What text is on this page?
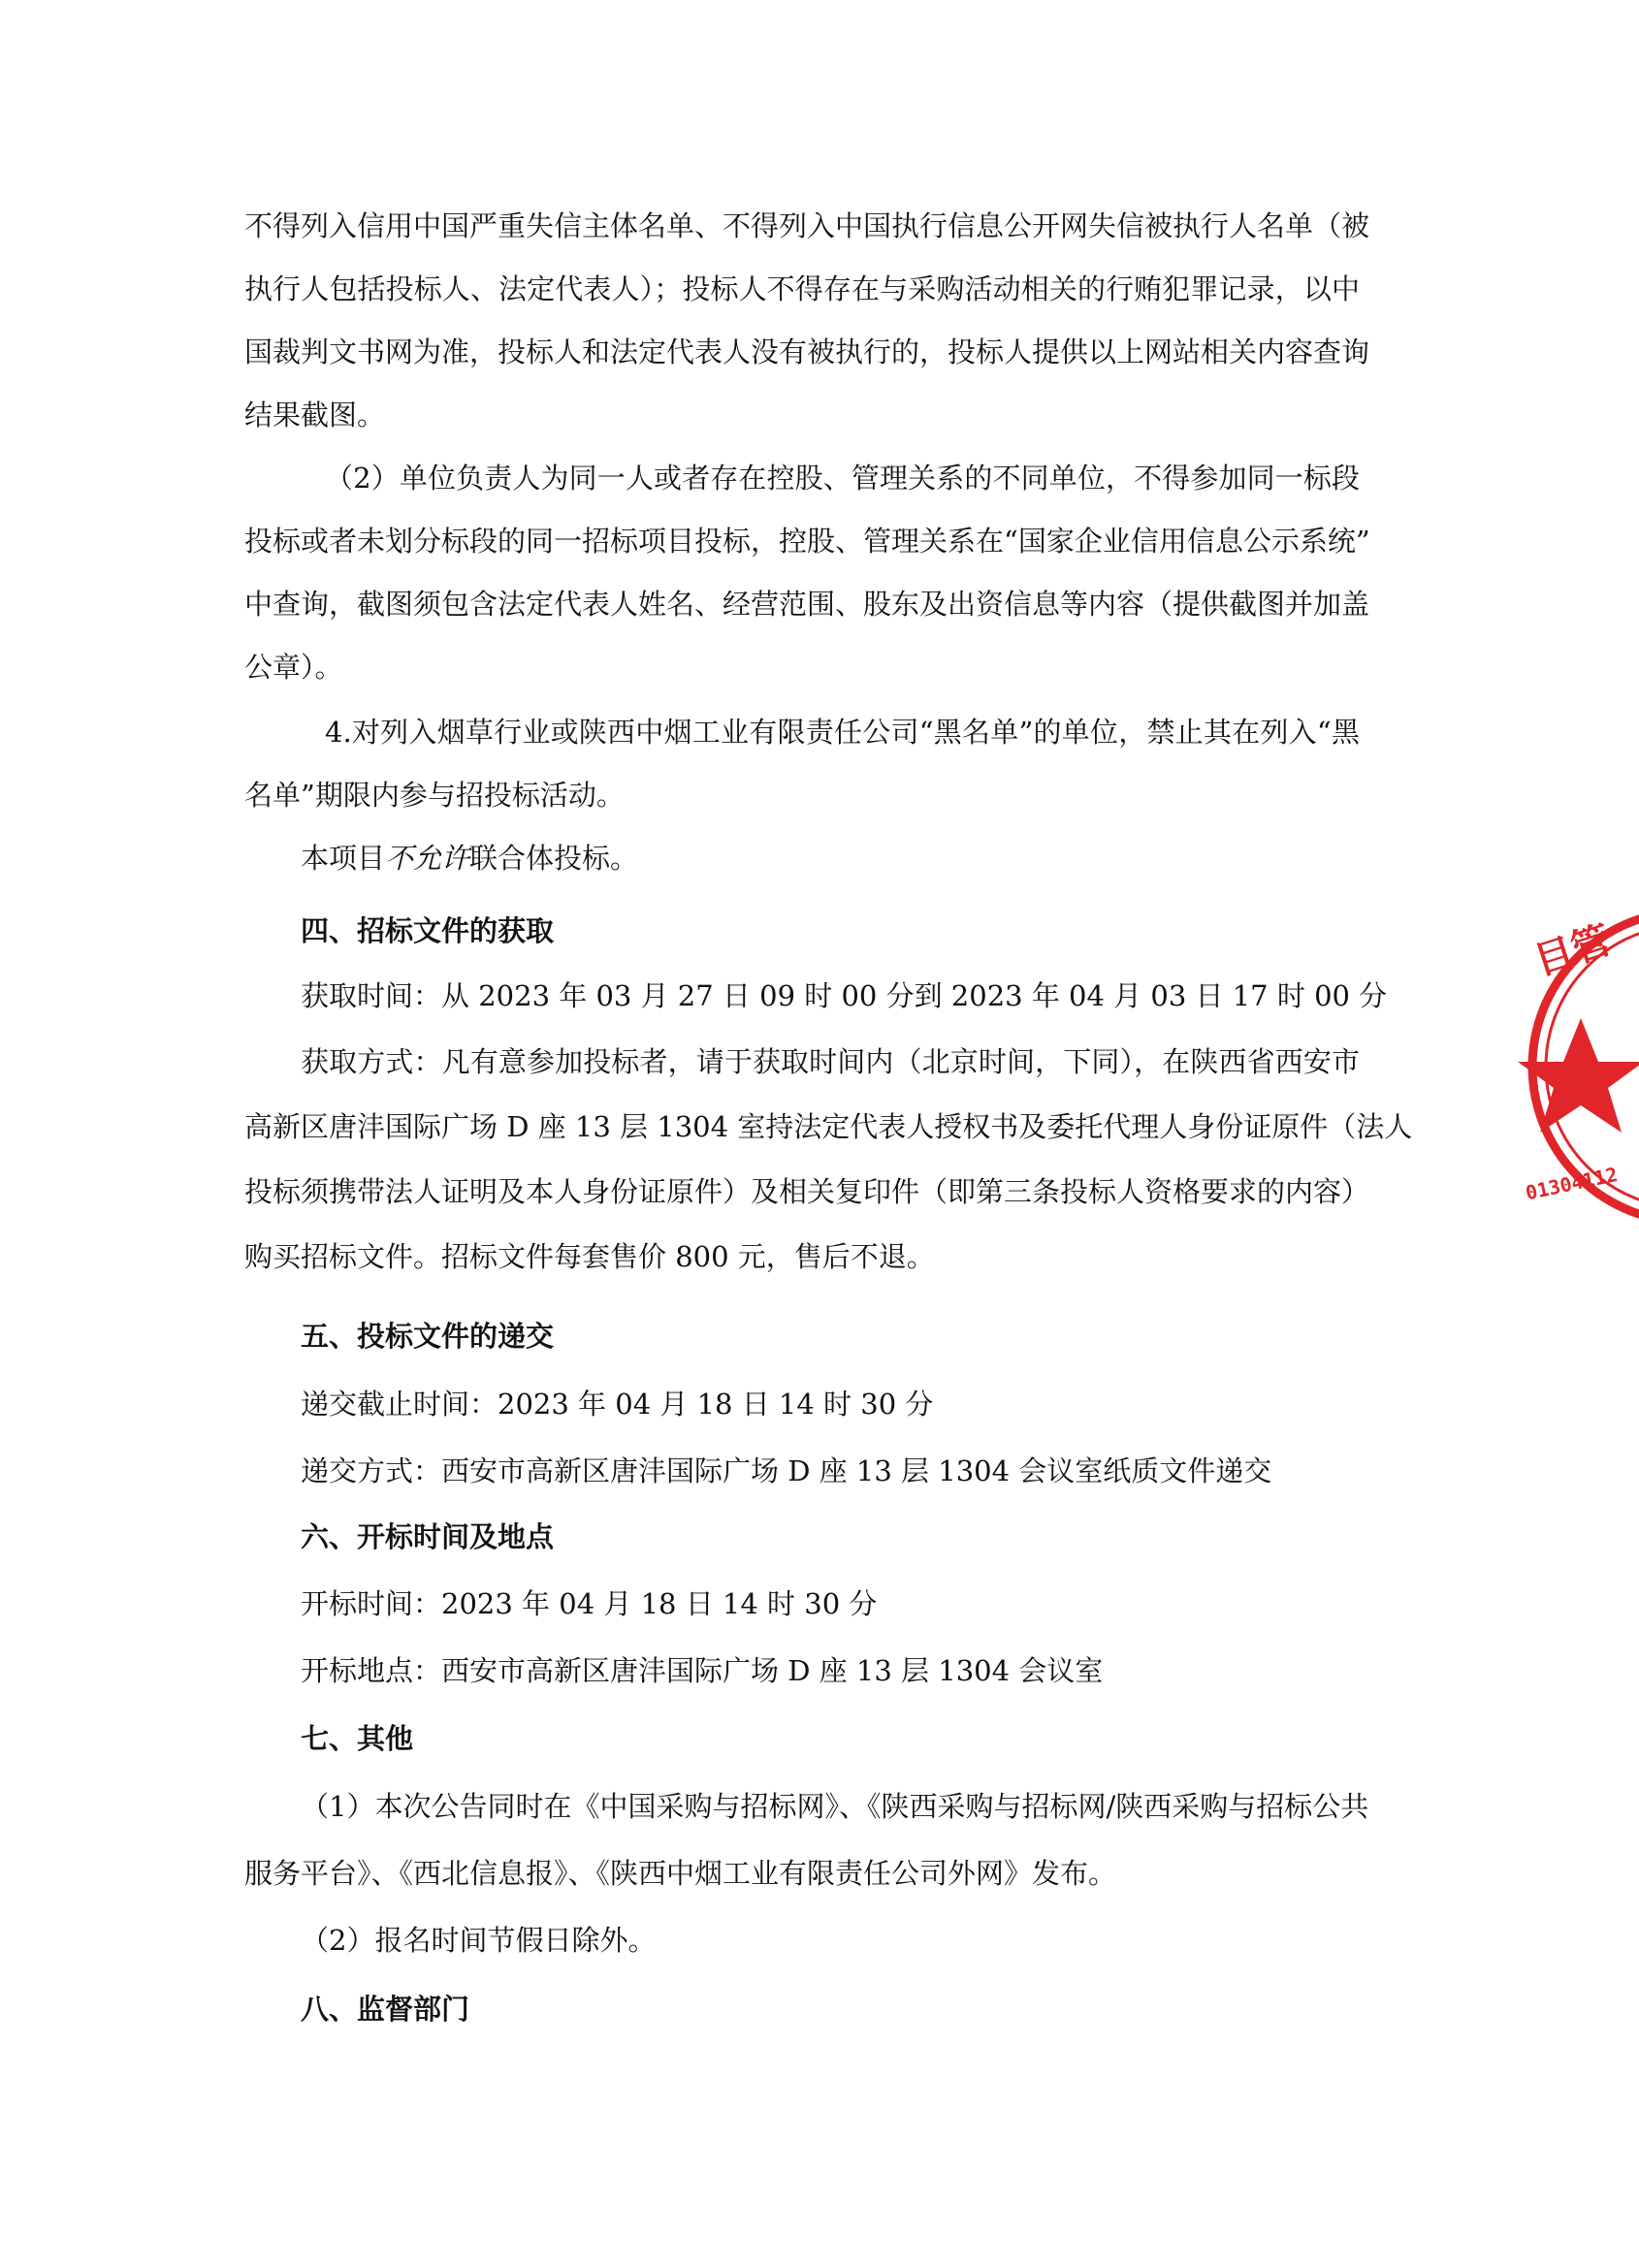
不得列入信用中国严重失信主体名单、不得列入中国执行信息公开网失信被执行人名单（被
执行人包括投标人、法定代表人）；投标人不得存在与采购活动相关的行贿犯罪记录，以中
国裁判文书网为准，投标人和法定代表人没有被执行的，投标人提供以上网站相关内容查询
结果截图。
（2）单位负责人为同一人或者存在控股、管理关系的不同单位，不得参加同一标段
投标或者未划分标段的同一招标项目投标，控股、管理关系在“国家企业信用信息公示系统”
中查询，截图须包含法定代表人姓名、经营范围、股东及出资信息等内容（提供截图并加盖
公章）。
4.对列入烟草行业或陕西中烟工业有限责任公司“黑名单”的单位，禁止其在列入“黑
名单”期限内参与招投标活动。
本项目不允许联合体投标。
四、招标文件的获取
获取时间：从 2023 年 03 月 27 日 09 时 00 分到 2023 年 04 月 03 日 17 时 00 分
获取方式：凡有意参加投标者，请于获取时间内（北京时间，下同），在陕西省西安市
高新区唐沣国际广场 D 座 13 层 1304 室持法定代表人授权书及委托代理人身份证原件（法人
投标须携带法人证明及本人身份证原件）及相关复印件（即第三条投标人资格要求的内容）
购买招标文件。招标文件每套售价 800 元，售后不退。
五、投标文件的递交
递交截止时间：2023 年 04 月 18 日 14 时 30 分
递交方式：西安市高新区唐沣国际广场 D 座 13 层 1304 会议室纸质文件递交
六、开标时间及地点
开标时间：2023 年 04 月 18 日 14 时 30 分
开标地点：西安市高新区唐沣国际广场 D 座 13 层 1304 会议室
七、其他
（1）本次公告同时在《中国采购与招标网》、《陕西采购与招标网/陕西采购与招标公共
服务平台》、《西北信息报》、《陕西中烟工业有限责任公司外网》发布。
（2）报名时间节假日除外。
八、监督部门
目管
01304112
